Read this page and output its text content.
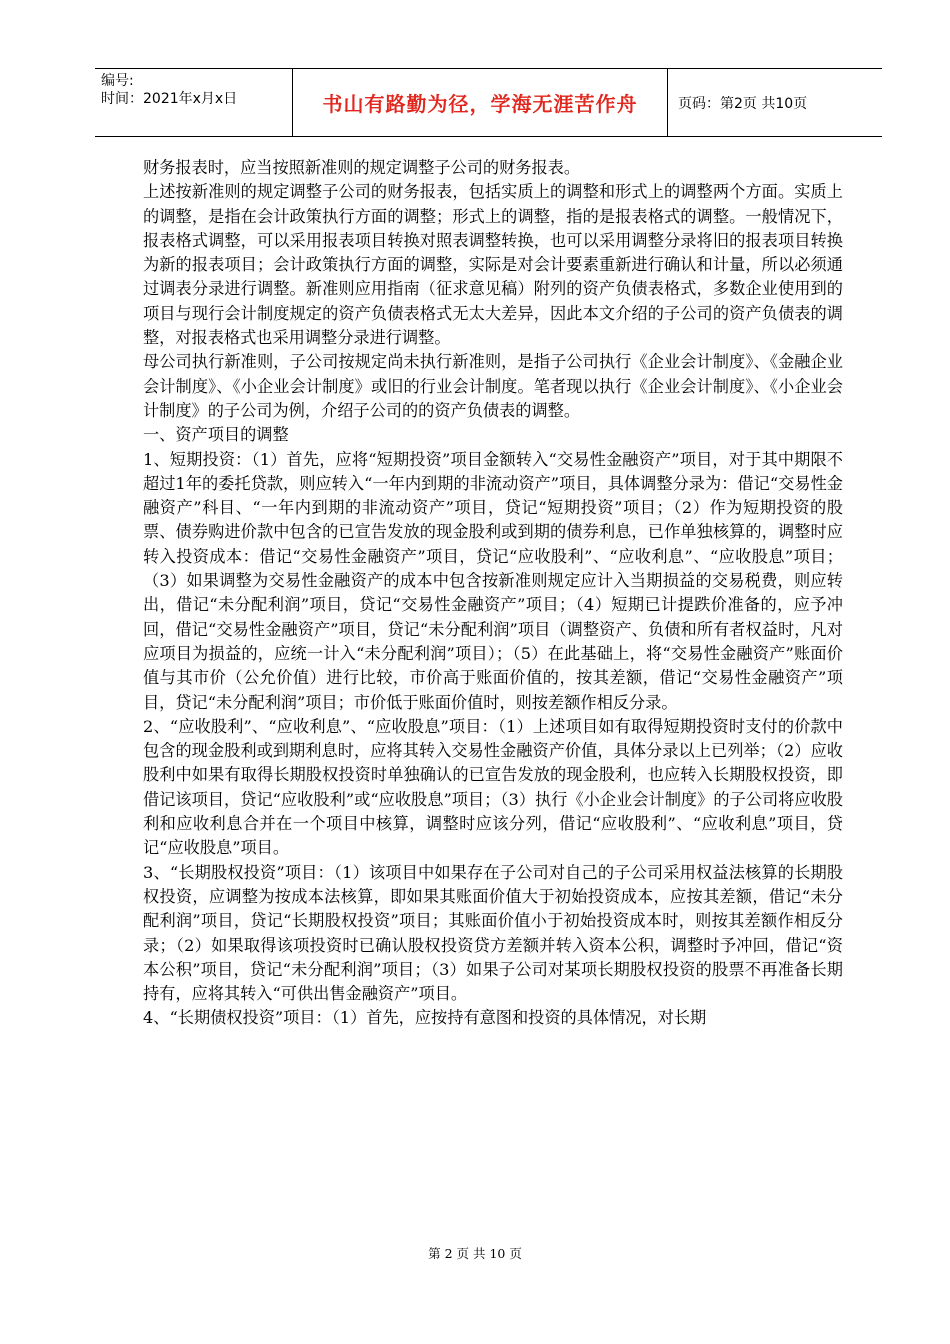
编号:
时间：2021年x月x日	书山有路勤为径，学海无涯苦作舟	页码：第2页 共10页

财务报表时，应当按照新准则的规定调整子公司的财务报表。

上述按新准则的规定调整子公司的财务报表，包括实质上的调整和形式上的调整两个方面。实质上的调整，是指在会计政策执行方面的调整；形式上的调整，指的是报表格式的调整。一般情况下，报表格式调整，可以采用报表项目转换对照表调整转换，也可以采用调整分录将旧的报表项目转换为新的报表项目；会计政策执行方面的调整，实际是对会计要素重新进行确认和计量，所以必须通过调表分录进行调整。新准则应用指南（征求意见稿）附列的资产负债表格式，多数企业使用到的项目与现行会计制度规定的资产负债表格式无太大差异，因此本文介绍的子公司的资产负债表的调整，对报表格式也采用调整分录进行调整。

母公司执行新准则，子公司按规定尚未执行新准则，是指子公司执行《企业会计制度》、《金融企业会计制度》、《小企业会计制度》或旧的行业会计制度。笔者现以执行《企业会计制度》、《小企业会计制度》的子公司为例，介绍子公司的的资产负债表的调整。

一、资产项目的调整

1、短期投资：（1）首先，应将“短期投资”项目金额转入“交易性金融资产”项目，对于其中期限不超过1年的委托贷款，则应转入“一年内到期的非流动资产”项目，具体调整分录为：借记“交易性金融资产”科目、“一年内到期的非流动资产”项目，贷记“短期投资”项目；（2）作为短期投资的股票、债券购进价款中包含的已宣告发放的现金股利或到期的债券利息，已作单独核算的，调整时应转入投资成本：借记“交易性金融资产”项目，贷记“应收股利”、“应收利息”、“应收股息”项目；（3）如果调整为交易性金融资产的成本中包含按新准则规定应计入当期损益的交易税费，则应转出，借记“未分配利润”项目，贷记“交易性金融资产”项目；（4）短期已计提跌价准备的，应予冲回，借记“交易性金融资产”项目，贷记“未分配利润”项目（调整资产、负债和所有者权益时，凡对应项目为损益的，应统一计入“未分配利润”项目）；（5）在此基础上，将“交易性金融资产”账面价值与其市价（公允价值）进行比较，市价高于账面价值的，按其差额，借记“交易性金融资产”项目，贷记“未分配利润”项目；市价低于账面价值时，则按差额作相反分录。

2、“应收股利”、“应收利息”、“应收股息”项目：（1）上述项目如有取得短期投资时支付的价款中包含的现金股利或到期利息时，应将其转入交易性金融资产价值，具体分录以上已列举；（2）应收股利中如果有取得长期股权投资时单独确认的已宣告发放的现金股利，也应转入长期股权投资，即借记该项目，贷记“应收股利”或“应收股息”项目；（3）执行《小企业会计制度》的子公司将应收股利和应收利息合并在一个项目中核算，调整时应该分列，借记“应收股利”、“应收利息”项目，贷记“应收股息”项目。

3、“长期股权投资”项目：（1）该项目中如果存在子公司对自己的子公司采用权益法核算的长期股权投资，应调整为按成本法核算，即如果其账面价值大于初始投资成本，应按其差额，借记“未分配利润”项目，贷记“长期股权投资”项目；其账面价值小于初始投资成本时，则按其差额作相反分录；（2）如果取得该项投资时已确认股权投资贷方差额并转入资本公积，调整时予冲回，借记“资本公积”项目，贷记“未分配利润”项目；（3）如果子公司对某项长期股权投资的股票不再准备长期持有，应将其转入“可供出售金融资产”项目。

4、“长期债权投资”项目：（1）首先，应按持有意图和投资的具体情况，对长期

第 2 页 共 10 页
